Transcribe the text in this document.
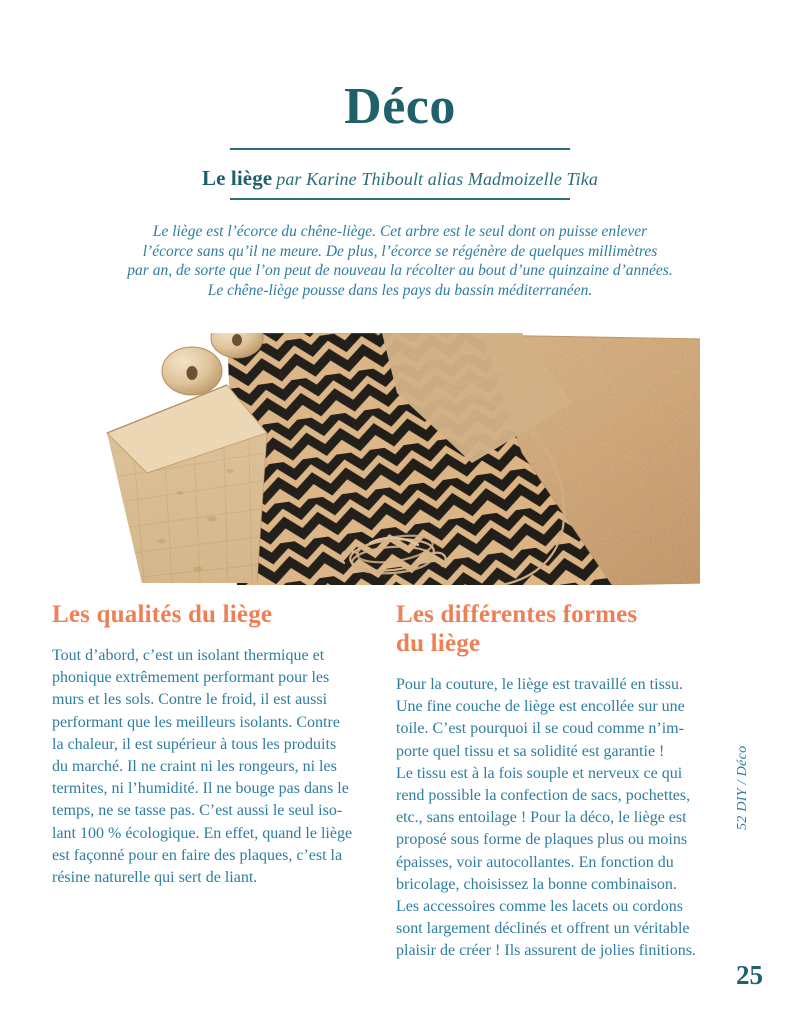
Déco
Le liège par Karine Thiboult alias Madmoizelle Tika
Le liège est l’écorce du chêne-liège. Cet arbre est le seul dont on puisse enlever
l’écorce sans qu’il ne meure. De plus, l’écorce se régénère de quelques millimètres
par an, de sorte que l’on peut de nouveau la récolter au bout d’une quinzaine d’années.
Le chêne-liège pousse dans les pays du bassin méditerranéen.
Les qualités du liège
Tout d’abord, c’est un isolant thermique et
phonique extrêmement performant pour les
murs et les sols. Contre le froid, il est aussi
performant que les meilleurs isolants. Contre
la chaleur, il est supérieur à tous les produits
du marché. Il ne craint ni les rongeurs, ni les
termites, ni l’humidité. Il ne bouge pas dans le
temps, ne se tasse pas. C’est aussi le seul iso-
lant 100 % écologique. En effet, quand le liège
est façonné pour en faire des plaques, c’est la
résine naturelle qui sert de liant.
Les différentes formes
du liège
Pour la couture, le liège est travaillé en tissu.
Une fine couche de liège est encollée sur une
toile. C’est pourquoi il se coud comme n’im-
porte quel tissu et sa solidité est garantie !
Le tissu est à la fois souple et nerveux ce qui
rend possible la confection de sacs, pochettes,
etc., sans entoilage ! Pour la déco, le liège est
proposé sous forme de plaques plus ou moins
épaisses, voir autocollantes. En fonction du
bricolage, choisissez la bonne combinaison.
Les accessoires comme les lacets ou cordons
sont largement déclinés et offrent un véritable
plaisir de créer ! Ils assurent de jolies finitions.
52 DIY / Déco
25
